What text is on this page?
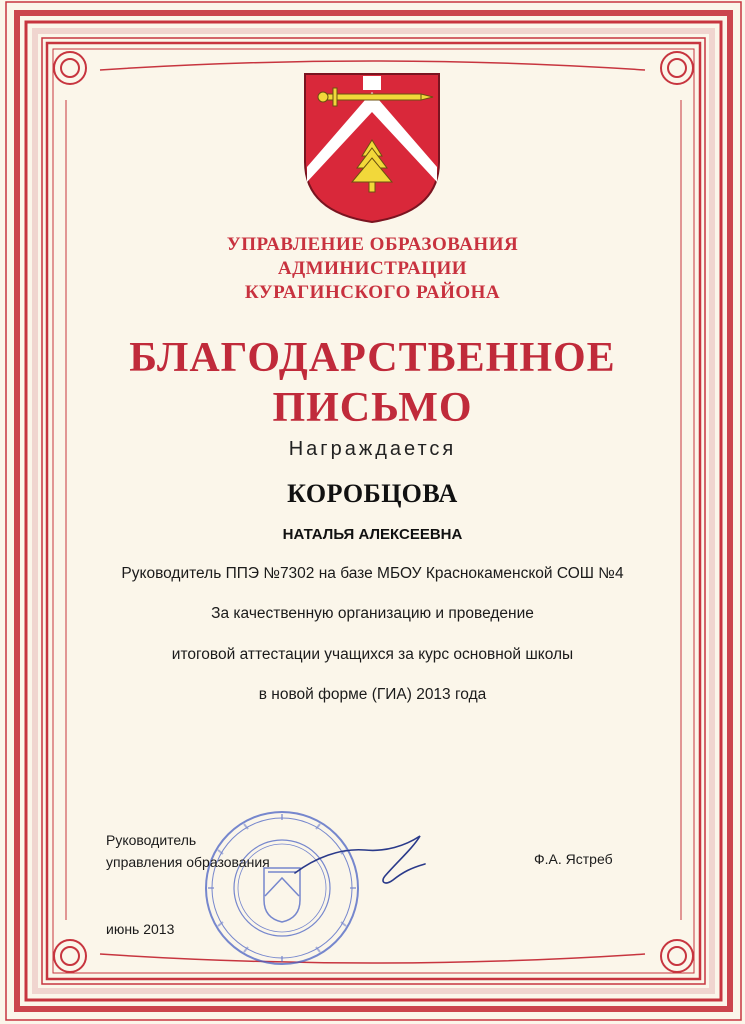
УПРАВЛЕНИЕ ОБРАЗОВАНИЯ
АДМИНИСТРАЦИИ
КУРАГИНСКОГО РАЙОНА
БЛАГОДАРСТВЕННОЕ
ПИСЬМО
Награждается
КОРОБЦОВА
НАТАЛЬЯ АЛЕКСЕЕВНА
Руководитель ППЭ №7302 на базе МБОУ Краснокаменской СОШ №4
За качественную организацию и проведение
итоговой аттестации учащихся за курс основной школы
в новой форме (ГИА) 2013 года
Руководитель
управления образования	Ф.А. Ястреб
июнь 2013
